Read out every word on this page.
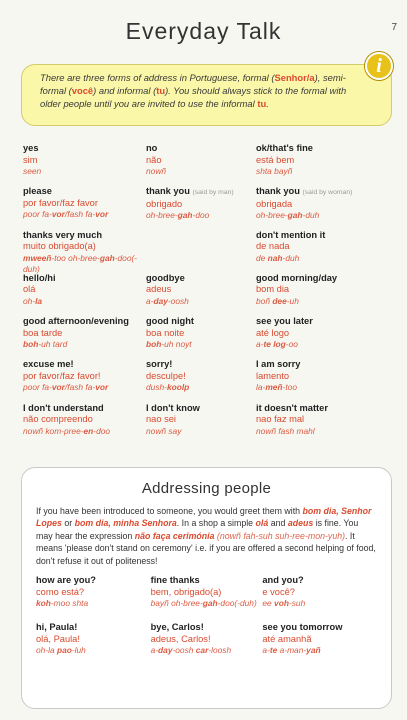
7
Everyday Talk
There are three forms of address in Portuguese, formal (Senhor/a), semi-formal (você) and informal (tu). You should always stick to the formal with older people until you are invited to use the informal tu.
i
yes
sim
seen
no
não
nowñ
ok/that's fine
está bem
shta bayñ
please
por favor/faz favor
poor fa-vor/fash fa-vor
thank you (said by man)
obrigado
oh-bree-gah-doo
thank you (said by woman)
obrigada
oh-bree-gah-duh
thanks very much
muito obrigado(a)
mweeñ-too oh-bree-gah-doo(-duh)
don't mention it
de nada
de nah-duh
hello/hi
olá
oh-la
goodbye
adeus
a-day-oosh
good morning/day
bom dia
boñ dee-uh
good afternoon/evening
boa tarde
boh-uh tard
good night
boa noite
boh-uh noyt
see you later
até logo
a-te log-oo
excuse me!
por favor/faz favor!
poor fa-vor/fash fa-vor
sorry!
desculpe!
dush-koolp
I am sorry
lamento
la-meñ-too
I don't understand
não compreendo
nowñ kom-pree-en-doo
I don't know
nao sei
nowñ say
it doesn't matter
nao faz mal
nowñ fash mahl
Addressing people
If you have been introduced to someone, you would greet them with bom dia, Senhor Lopes or bom dia, minha Senhora. In a shop a simple olá and adeus is fine. You may hear the expression não faça cerimónia (nowñ fah-suh suh-ree-mon-yuh). It means 'please don't stand on ceremony' i.e. if you are offered a second helping of food, don't refuse it out of politeness!
how are you?
como está?
koh-moo shta
fine thanks
bem, obrigado(a)
bayñ oh-bree-gah-doo(-duh)
and you?
e você?
ee voh-suh
hi, Paula!
olá, Paula!
oh-la pao-luh
bye, Carlos!
adeus, Carlos!
a-day-oosh car-loosh
see you tomorrow
até amanhã
a-te a-man-yañ
